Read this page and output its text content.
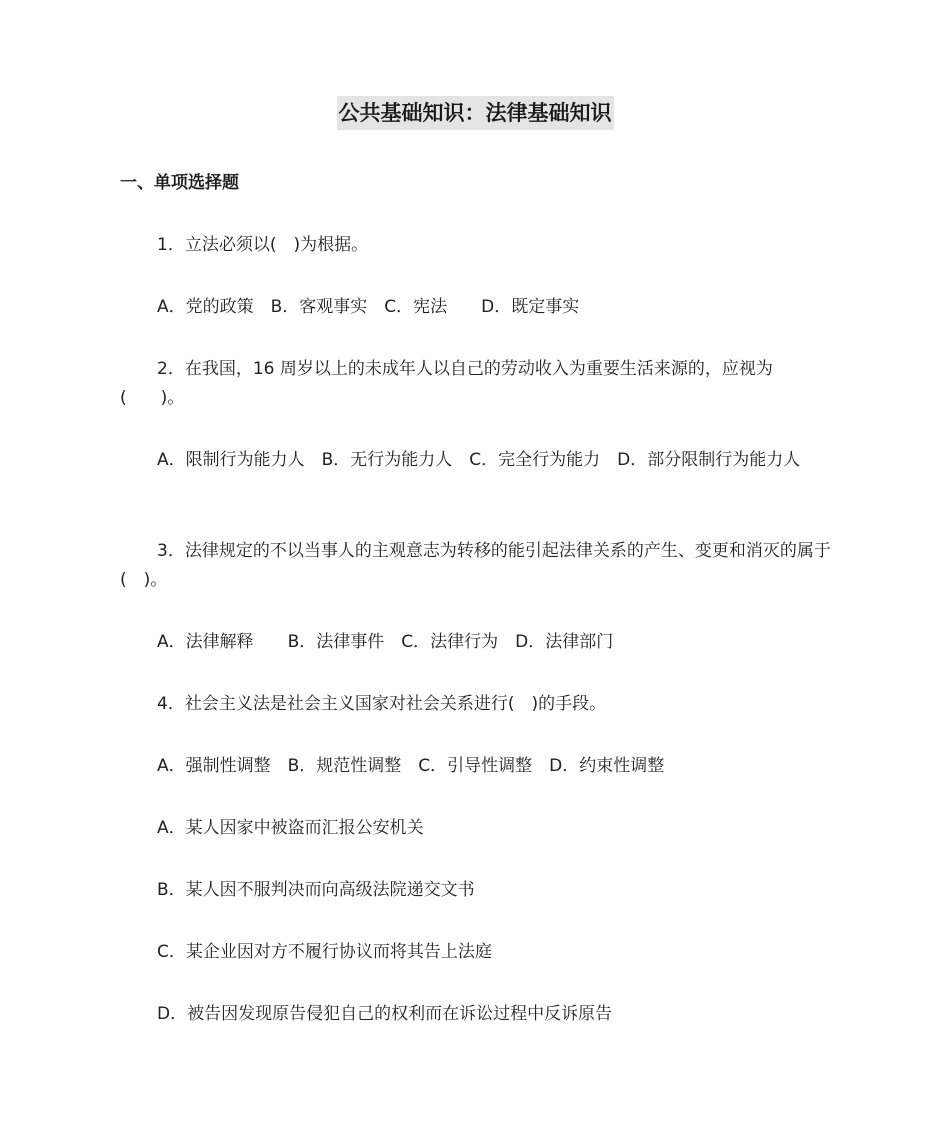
公共基础知识：法律基础知识
一、单项选择题
1．立法必须以(　)为根据。
A．党的政策　B．客观事实　C．宪法　　D．既定事实
2．在我国，16 周岁以上的未成年人以自己的劳动收入为重要生活来源的，应视为(　　)。
A．限制行为能力人　B．无行为能力人　C．完全行为能力　D．部分限制行为能力人
3．法律规定的不以当事人的主观意志为转移的能引起法律关系的产生、变更和消灭的属于(　)。
A．法律解释　　B．法律事件　C．法律行为　D．法律部门
4．社会主义法是社会主义国家对社会关系进行(　)的手段。
A．强制性调整　B．规范性调整　C．引导性调整　D．约束性调整
A．某人因家中被盗而汇报公安机关
B．某人因不服判决而向高级法院递交文书
C．某企业因对方不履行协议而将其告上法庭
D．被告因发现原告侵犯自己的权利而在诉讼过程中反诉原告
